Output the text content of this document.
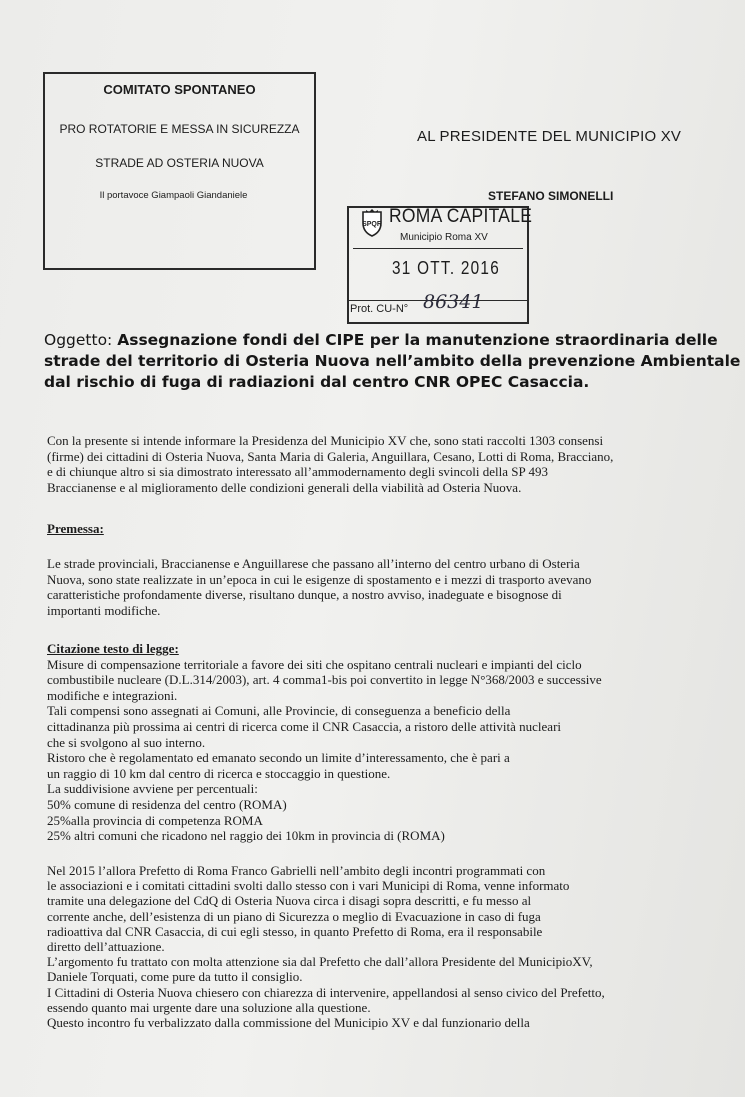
COMITATO SPONTANEO
PRO ROTATORIE E MESSA IN SICUREZZA
STRADE AD OSTERIA NUOVA
Il portavoce Giampaoli Giandaniele
AL PRESIDENTE DEL MUNICIPIO XV
STEFANO SIMONELLI
SPQR ROMA CAPITALE
Municipio Roma XV
31 OTT. 2016
Prot. CU-N° 86341
Oggetto: Assegnazione fondi del CIPE per la manutenzione straordinaria delle
strade del territorio di Osteria Nuova nell’ambito della prevenzione Ambientale
dal rischio di fuga di radiazioni dal centro CNR OPEC Casaccia.
Con la presente si intende informare la Presidenza del Municipio XV che, sono stati raccolti 1303 consensi
(firme) dei cittadini di Osteria Nuova, Santa Maria di Galeria, Anguillara, Cesano, Lotti di Roma, Bracciano,
e di chiunque altro si sia dimostrato interessato all’ammodernamento degli svincoli della SP 493
Braccianense e al miglioramento delle condizioni generali della viabilità ad Osteria Nuova.
Premessa:
Le strade provinciali, Braccianense e Anguillarese che passano all’interno del centro urbano di Osteria
Nuova, sono state realizzate in un’epoca in cui le esigenze di spostamento e i mezzi di trasporto avevano
caratteristiche profondamente diverse, risultano dunque, a nostro avviso, inadeguate e bisognose di
importanti modifiche.
Citazione testo di legge:
Misure di compensazione territoriale a favore dei siti che ospitano centrali nucleari e impianti del ciclo
combustibile nucleare (D.L.314/2003), art. 4 comma1-bis poi convertito in legge N°368/2003 e successive
modifiche e integrazioni.
Tali compensi sono assegnati ai Comuni, alle Provincie, di conseguenza a beneficio della
cittadinanza più prossima ai centri di ricerca come il CNR Casaccia, a ristoro delle attività nucleari
che si svolgono al suo interno.
Ristoro che è regolamentato ed emanato secondo un limite d’interessamento, che è pari a
un raggio di 10 km dal centro di ricerca e stoccaggio in questione.
La suddivisione avviene per percentuali:
50% comune di residenza del centro (ROMA)
25%alla provincia di competenza ROMA
25% altri comuni che ricadono nel raggio dei 10km in provincia di (ROMA)
Nel 2015 l’allora Prefetto di Roma Franco Gabrielli nell’ambito degli incontri programmati con
le associazioni e i comitati cittadini svolti dallo stesso con i vari Municipi di Roma, venne informato
tramite una delegazione del CdQ di Osteria Nuova circa i disagi sopra descritti, e fu messo al
corrente anche, dell’esistenza di un piano di Sicurezza o meglio di Evacuazione in caso di fuga
radioattiva dal CNR Casaccia, di cui egli stesso, in quanto Prefetto di Roma, era il responsabile
diretto dell’attuazione.
L’argomento fu trattato con molta attenzione sia dal Prefetto che dall’allora Presidente del MunicipioXV,
Daniele Torquati, come pure da tutto il consiglio.
I Cittadini di Osteria Nuova chiesero con chiarezza di intervenire, appellandosi al senso civico del Prefetto,
essendo quanto mai urgente dare una soluzione alla questione.
Questo incontro fu verbalizzato dalla commissione del Municipio XV e dal funzionario della
